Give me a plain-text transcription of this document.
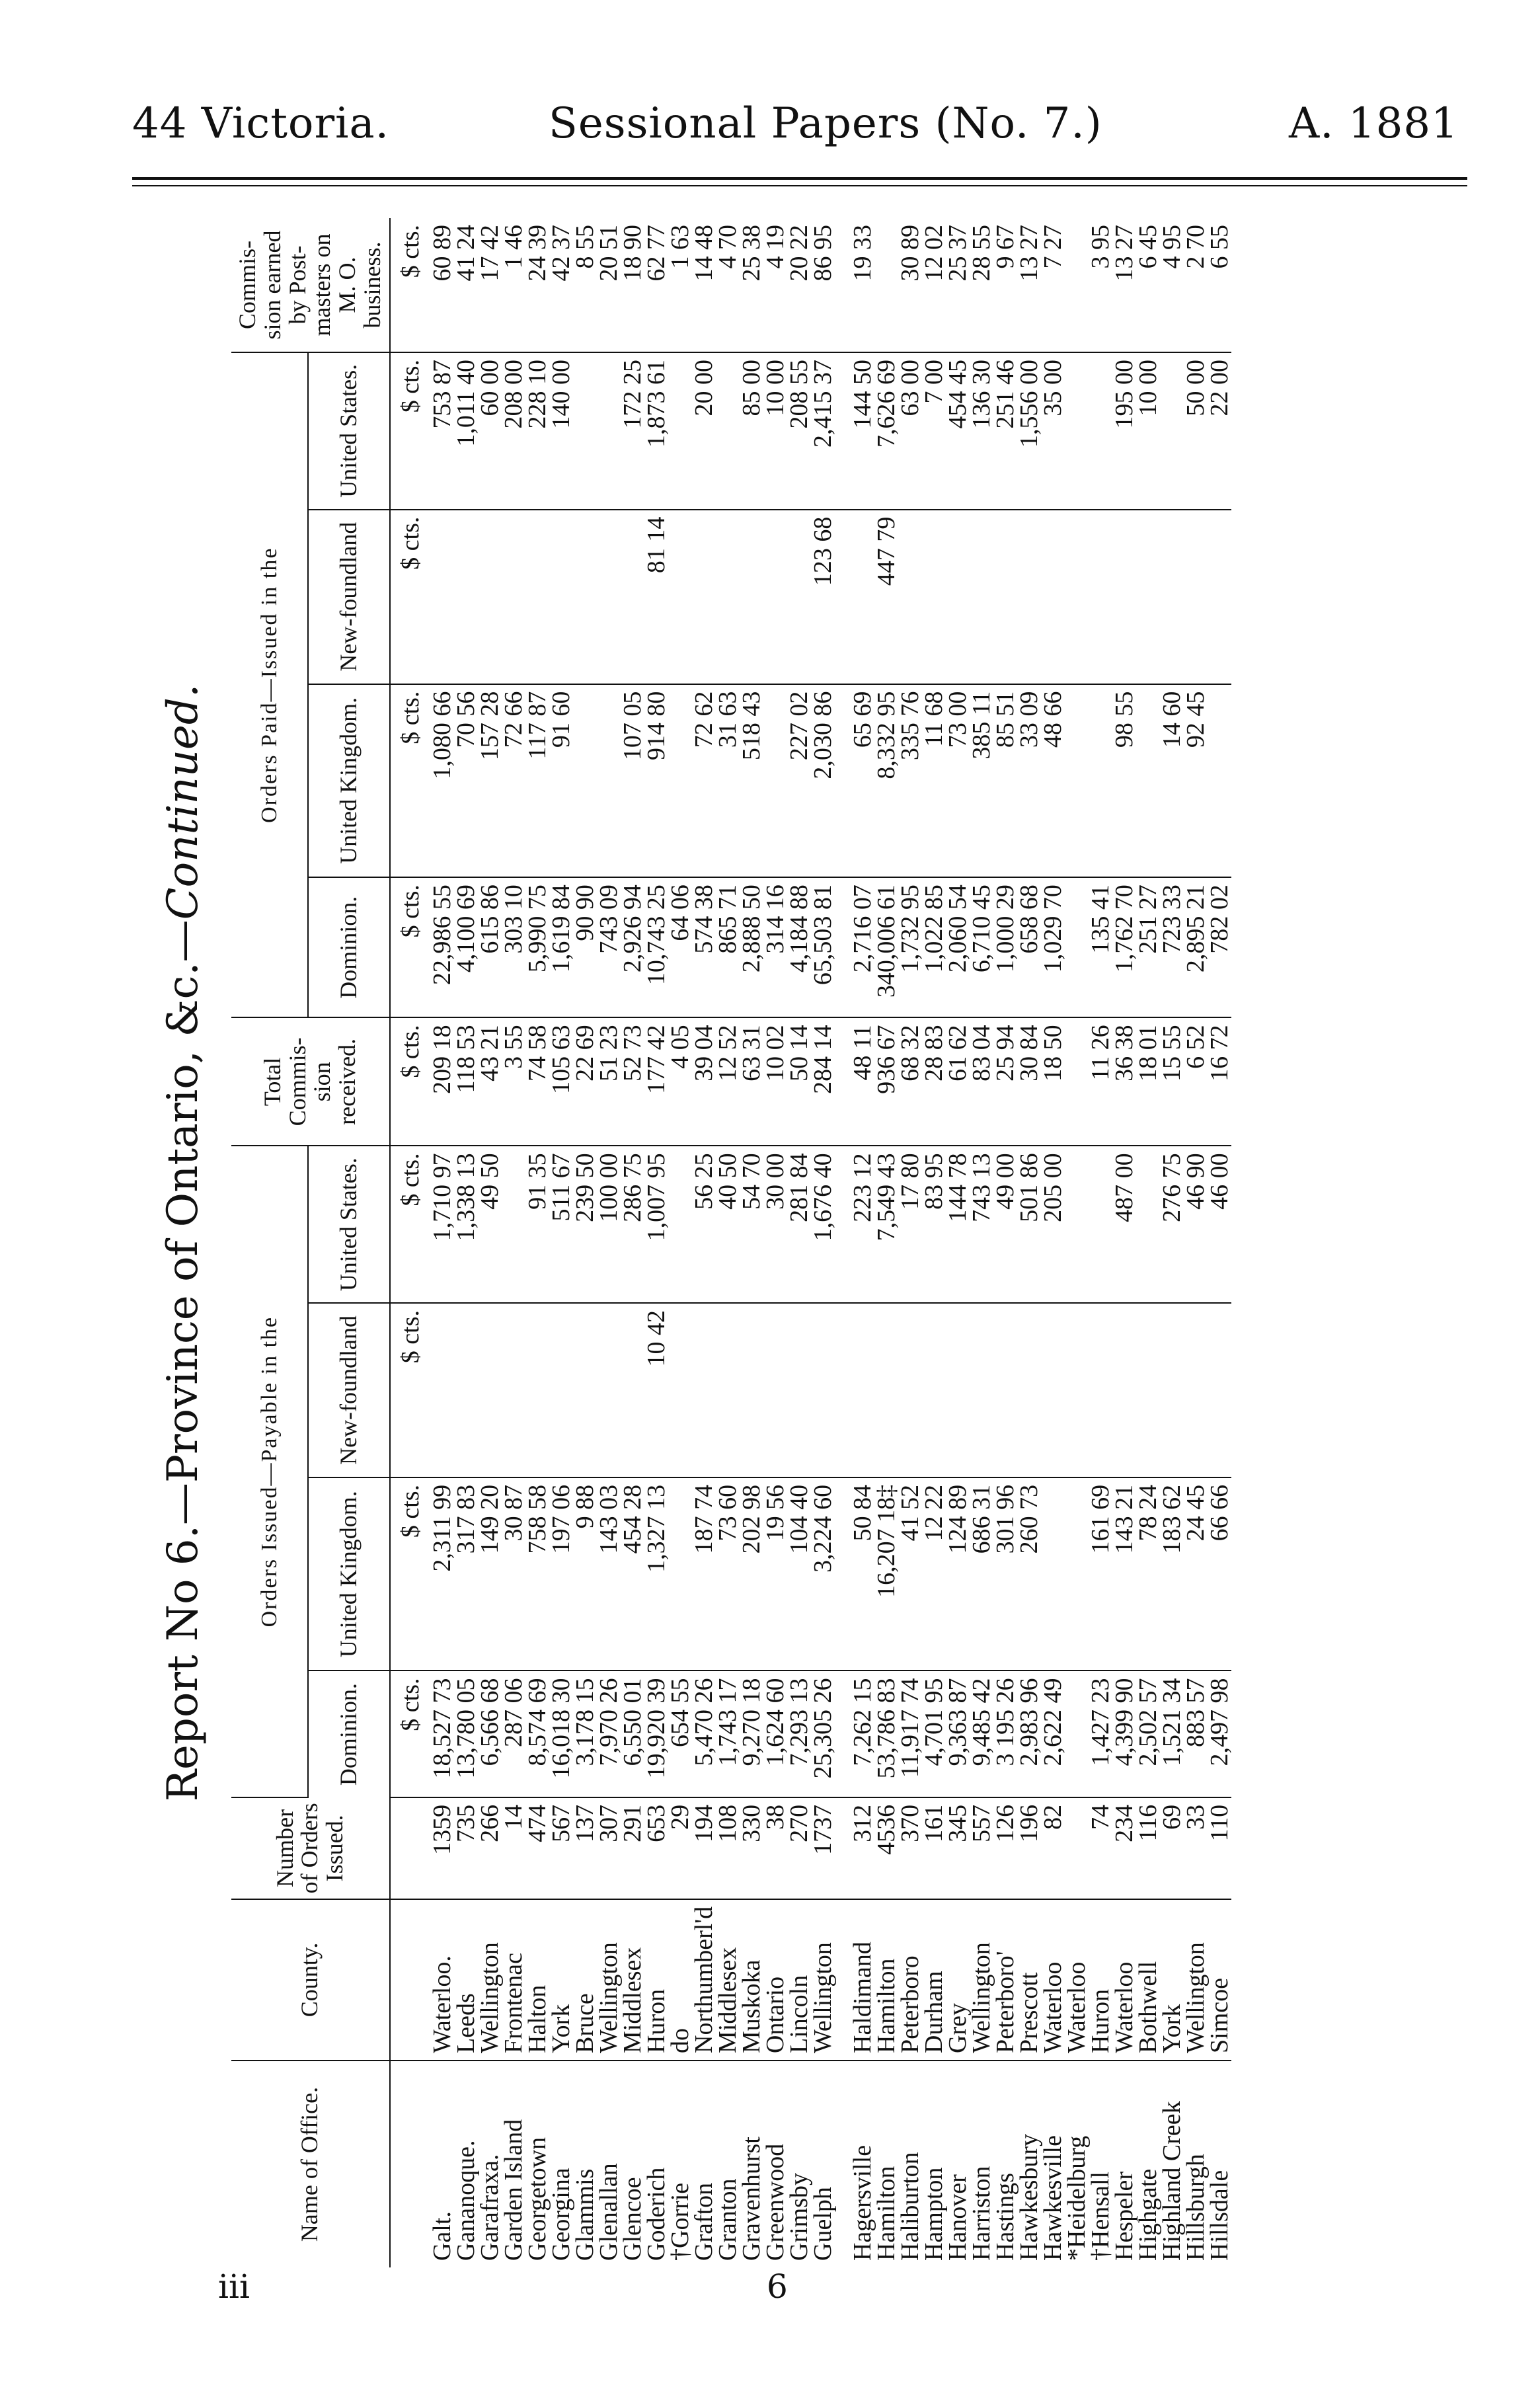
44 Victoria.	Sessional Papers (No. 7.)	A. 1881
Report No 6.—Province of Ontario, &c.—Continued.
Name of Office.	County.	Number of Orders Issued.	Orders Issued—Payable in the				Total Commis-sion received.	Orders Paid—Issued in the				Commis-sion earned by Post-masters on M. O. business.
			Dominion.	United Kingdom.	New-foundland	United States.		Dominion.	United Kingdom.	New-foundland	United States.	
			$ cts.	$ cts.	$ cts.	$ cts.	$ cts.	$ cts.	$ cts.	$ cts.	$ cts.	$ cts.
Galt.	Waterloo.	1359	18,527 73	2,311 99		1,710 97	209 18	22,986 55	1,080 66		753 87	60 89
Gananoque.	Leeds	735	13,780 05	317 83		1,338 13	118 53	4,100 69	70 56		1,011 40	41 24
Garafraxa.	Wellington	266	6,566 68	149 20		49 50	43 21	615 86	157 28		60 00	17 42
Garden Island	Frontenac	14	287 06	30 87			3 55	303 10	72 66		208 00	1 46
Georgetown	Halton	474	8,574 69	758 58		91 35	74 58	5,990 75	117 87		228 10	24 39
Georgina	York	567	16,018 30	197 06		511 67	105 63	1,619 84	91 60		140 00	42 37
Glammis	Bruce	137	3,178 15	9 88		239 50	22 69	90 90				8 55
Glenallan	Wellington	307	7,970 26	143 03		100 00	51 23	743 09				20 51
Glencoe	Middlesex	291	6,550 01	454 28		286 75	52 73	2,926 94	107 05		172 25	18 90
Goderich	Huron	653	19,920 39	1,327 13	10 42	1,007 95	177 42	10,743 25	914 80	81 14	1,873 61	62 77
†Gorrie	do	29	654 55				4 05	64 06				1 63
Grafton	Northumberl'd	194	5,470 26	187 74		56 25	39 04	574 38	72 62		20 00	14 48
Granton	Middlesex	108	1,743 17	73 60		40 50	12 52	865 71	31 63			4 70
Gravenhurst	Muskoka	330	9,270 18	202 98		54 70	63 31	2,888 50	518 43		85 00	25 38
Greenwood	Ontario	38	1,624 60	19 56		30 00	10 02	314 16			10 00	4 19
Grimsby	Lincoln	270	7,293 13	104 40		281 84	50 14	4,184 88	227 02		208 55	20 22
Guelph	Wellington	1737	25,305 26	3,224 60		1,676 40	284 14	65,503 81	2,030 86	123 68	2,415 37	86 95

Hagersville	Haldimand	312	7,262 15	50 84		223 12	48 11	2,716 07	65 69		144 50	19 33
Hamilton	Hamilton	4536	53,786 83	16,207 18‡		7,549 43	936 67	340,006 61	8,332 95	447 79	7,626 69	
Haliburton	Peterboro	370	11,917 74	41 52		17 80	68 32	1,732 95	335 76		63 00	30 89
Hampton	Durham	161	4,701 95	12 22		83 95	28 83	1,022 85	11 68		7 00	12 02
Hanover	Grey	345	9,363 87	124 89		144 78	61 62	2,060 54	73 00		454 45	25 37
Harriston	Wellington	557	9,485 42	686 31		743 13	83 04	6,710 45	385 11		136 30	28 55
Hastings	Peterboro'	126	3 195 26	301 96		49 00	25 94	1,000 29	85 51		251 46	9 67
Hawkesbury	Prescott	196	2,983 96	260 73		501 86	30 84	658 68	33 09		1,556 00	13 27
Hawkesville	Waterloo	82	2,622 49			205 00	18 50	1,029 70	48 66		35 00	7 27
*Heidelburg	Waterloo											
†Hensall	Huron	74	1,427 23	161 69			11 26	135 41				3 95
Hespeler	Waterloo	234	4,399 90	143 21		487 00	36 38	1,762 70	98 55		195 00	13 27
Highgate	Bothwell	116	2,502 57	78 24			18 01	251 27			10 00	6 45
Highland Creek	York	69	1,521 34	183 62		276 75	15 55	723 33	14 60			4 95
Hillsburgh	Wellington	33	883 57	24 45		46 90	6 52	2,895 21	92 45		50 00	2 70
Hillsdale	Simcoe	110	2,497 98	66 66		46 00	16 72	782 02			22 00	6 55
iii	6
